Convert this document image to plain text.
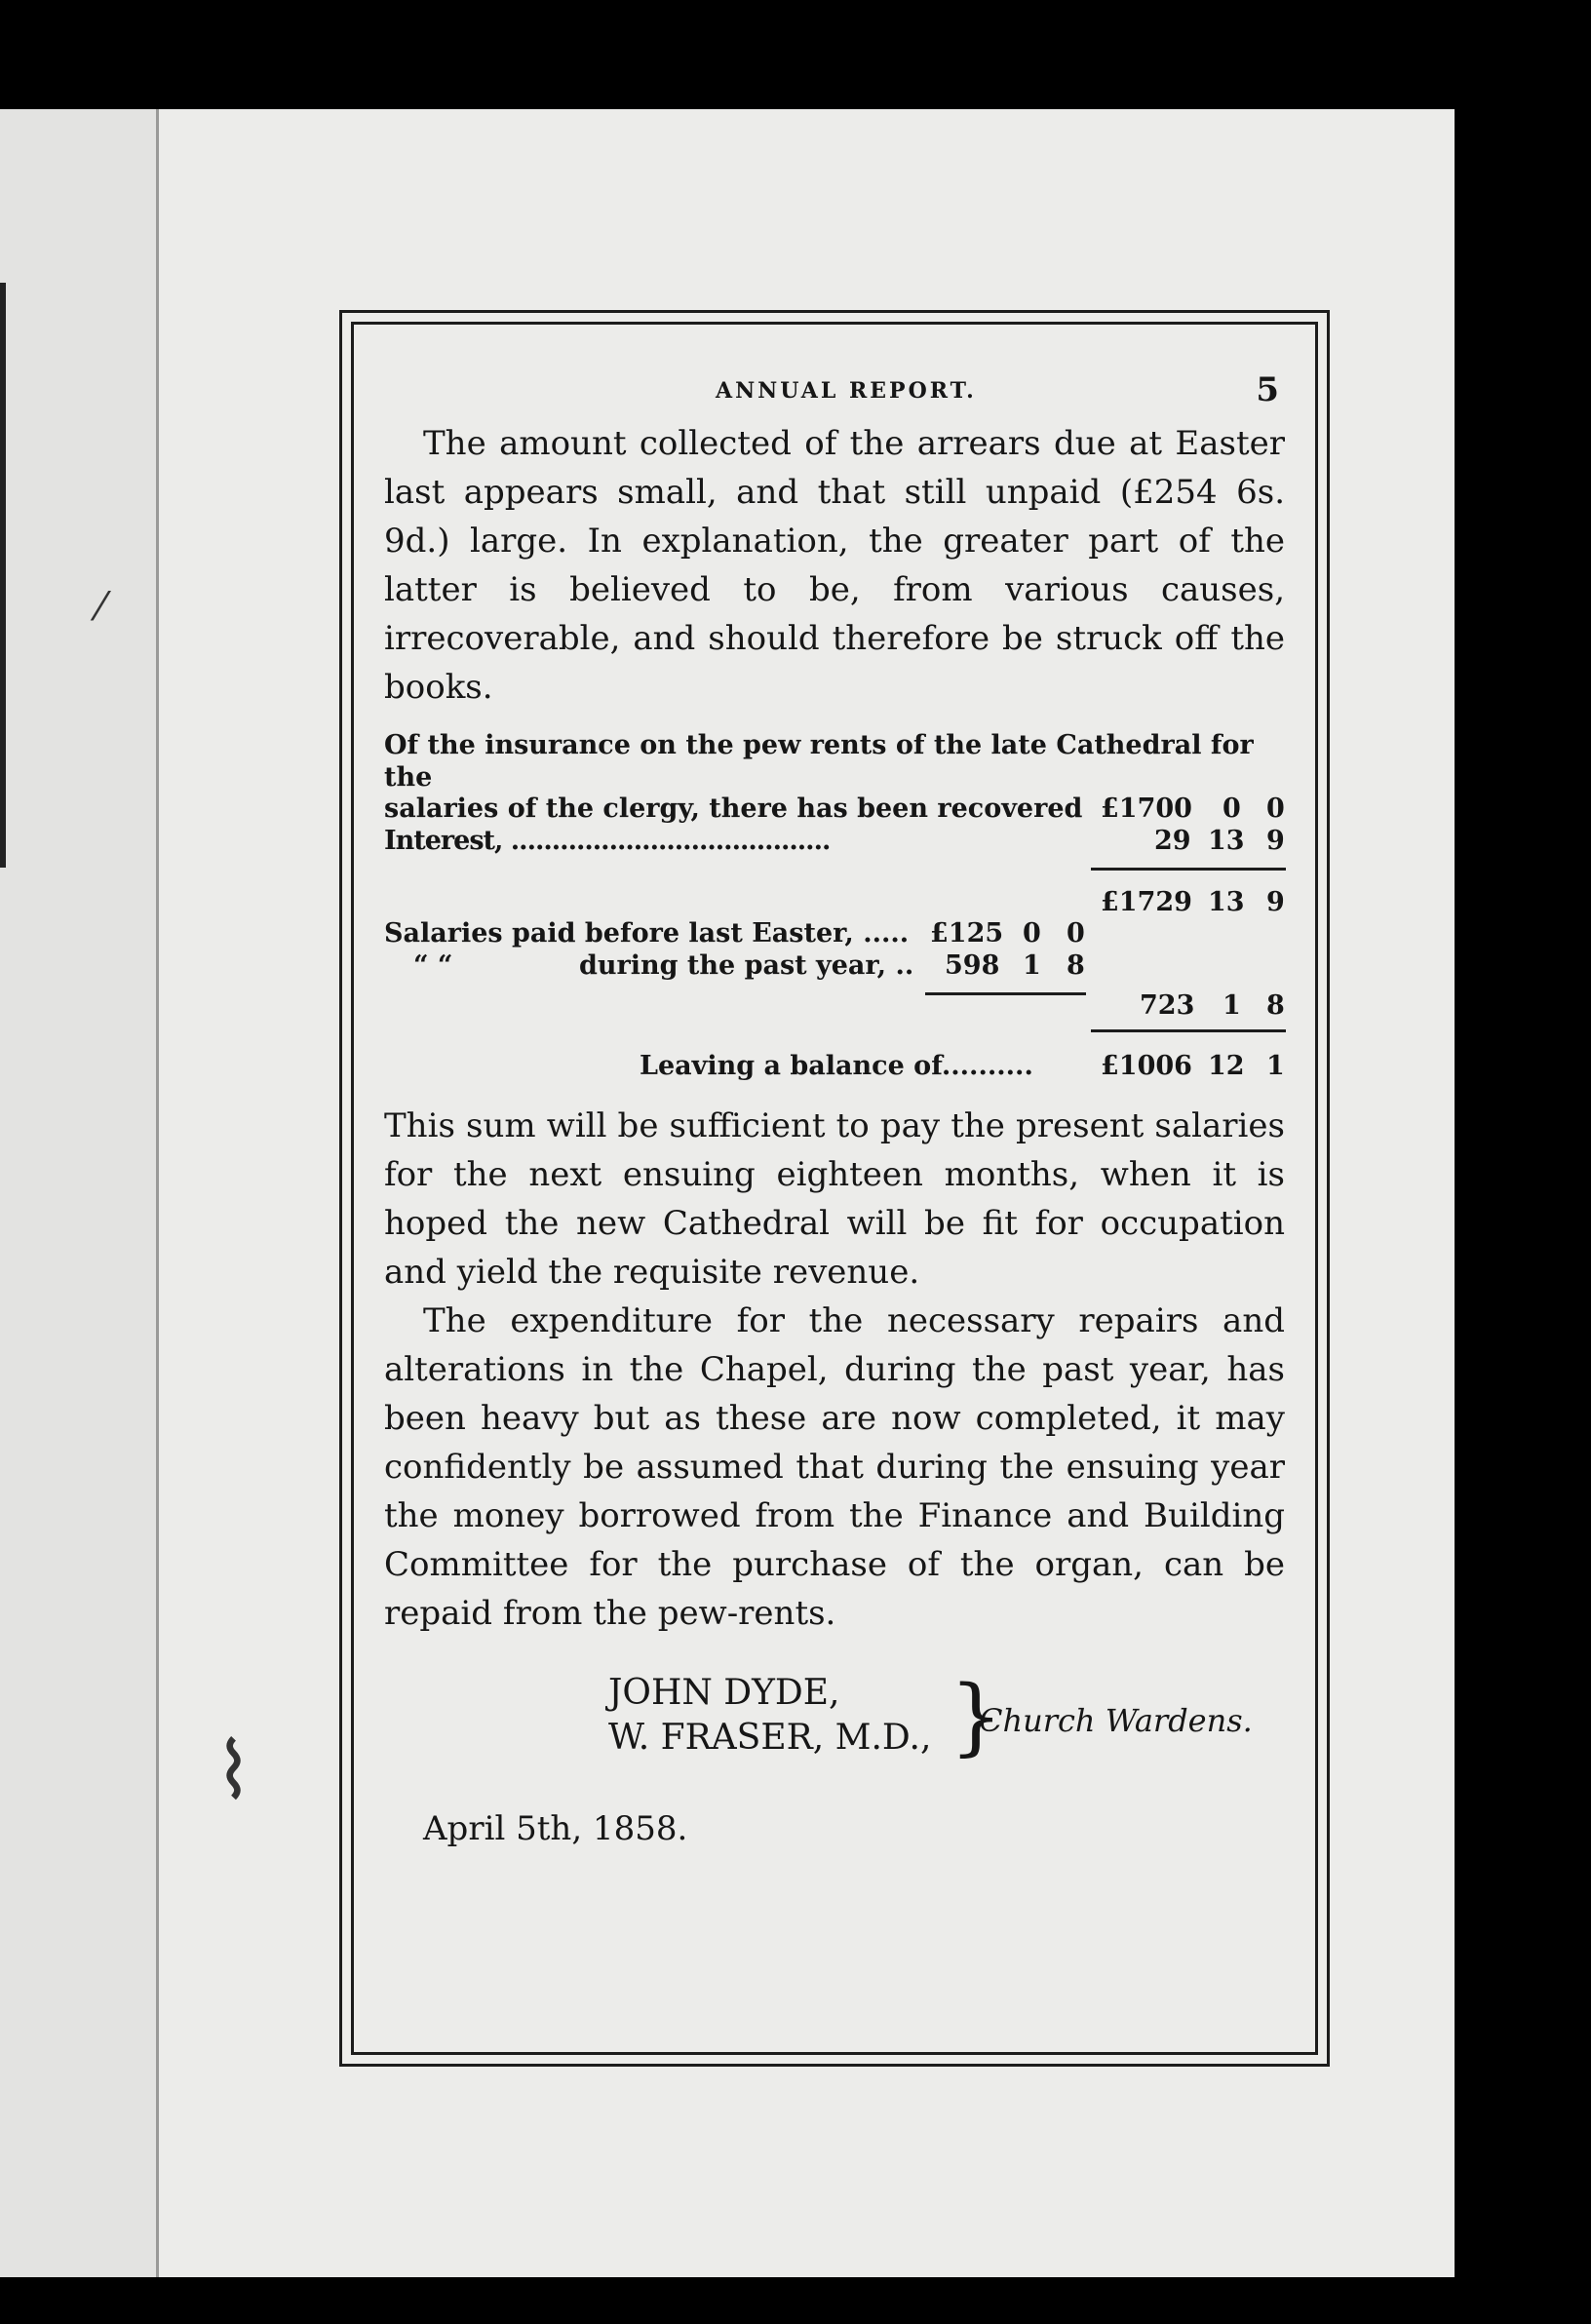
⁄
⌇
ANNUAL REPORT.	5

The amount collected of the arrears due at Easter last appears small, and that still unpaid (£254 6s. 9d.) large. In explanation, the greater part of the latter is believed to be, from various causes, irrecoverable, and should therefore be struck off the books.

Of the insurance on the pew rents of the late Cathedral for the

salaries of the clergy, there has been recovered £1700 0 0
Interest, .......................................	29 13 9
£1729 13 9
Salaries paid before last Easter, ..... £125 0 0
“ “	during the past year, .. 598 1 8
723 1 8
Leaving a balance of..........	£1006 12 1

This sum will be sufficient to pay the present salaries for the next ensuing eighteen months, when it is hoped the new Cathedral will be fit for occupation and yield the requisite revenue.

The expenditure for the necessary repairs and alterations in the Chapel, during the past year, has been heavy but as these are now completed, it may confidently be assumed that during the ensuing year the money borrowed from the Finance and Building Committee for the purchase of the organ, can be repaid from the pew-rents.

JOHN DYDE,
W. FRASER, M.D., }
Church Wardens.
April 5th, 1858.
